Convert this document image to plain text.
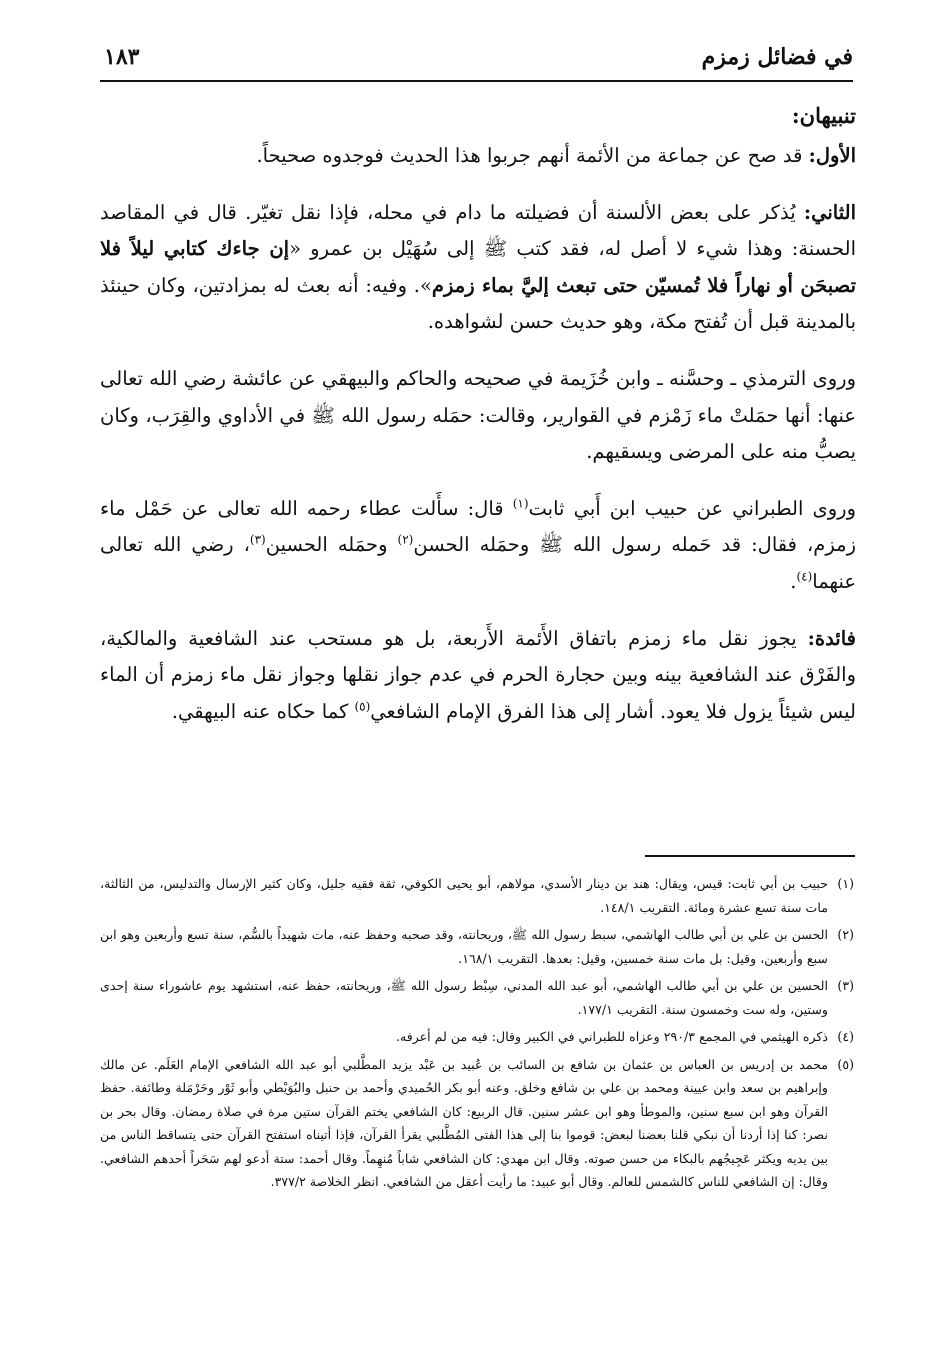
في فضائل زمزم
١٨٣
تنبيهان:

الأول: قد صح عن جماعة من الأئمة أنهم جربوا هذا الحديث فوجدوه صحيحاً.

الثاني: يُذكر على بعض الألسنة أن فضيلته ما دام في محله، فإذا نقل تغيّر. قال في المقاصد الحسنة: وهذا شيء لا أصل له، فقد كتب ﷺ إلى سُهَيْل بن عمرو «إن جاءك كتابي ليلاً فلا تصبحَن أو نهاراً فلا تُمسيّن حتى تبعث إليَّ بماء زمزم». وفيه: أنه بعث له بمزادتين، وكان حينئذ بالمدينة قبل أن تُفتح مكة، وهو حديث حسن لشواهده.

وروى الترمذي ـ وحسَّنه ـ وابن خُزَيمة في صحيحه والحاكم والبيهقي عن عائشة رضي الله تعالى عنها: أنها حمَلتْ ماء زَمْزم في القوارير، وقالت: حمَله رسول الله ﷺ في الأداوي والقِرَب، وكان يصبُّ منه على المرضى ويسقيهم.

وروى الطبراني عن حبيب ابن أَبي ثابت$^{(١)}$ قال: سأَلت عطاء رحمه الله تعالى عن حَمْل ماء زمزم، فقال: قد حَمله رسول الله ﷺ وحمَله الحسن$^{(٢)}$ وحمَله الحسين$^{(٣)}$، رضي الله تعالى عنهما$^{(٤)}$.

فائدة: يجوز نقل ماء زمزم باتفاق الأَئمة الأَربعة، بل هو مستحب عند الشافعية والمالكية، والفَرْق عند الشافعية بينه وبين حجارة الحرم في عدم جواز نقلها وجواز نقل ماء زمزم أن الماء ليس شيئاً يزول فلا يعود. أشار إلى هذا الفرق الإمام الشافعي$^{(٥)}$ كما حكاه عنه البيهقي.

(١)
حبيب بن أبي ثابت: قيس، ويقال: هند بن دينار الأسدي، مولاهم، أبو يحيى الكوفي، ثقة فقيه جليل، وكان كثير الإرسال والتدليس، من الثالثة، مات سنة تسع عشرة ومائة. التقريب ١٤٨/١.
(٢)
الحسن بن علي بن أبي طالب الهاشمي، سبط رسول الله ﷺ، وريحانته، وقد صحبه وحفظ عنه، مات شهيداً بالسُّم، سنة تسع وأربعين وهو ابن سبع وأربعين، وقيل: بل مات سنة خمسين، وقيل: بعدها. التقريب ١٦٨/١.
(٣)
الحسين بن علي بن أبي طالب الهاشمي، أبو عبد الله المدني، سِبْط رسول الله ﷺ، وريحانته، حفظ عنه، استشهد يوم عاشوراء سنة إحدى وستين، وله ست وخمسون سنة. التقريب ١٧٧/١.
(٤)
ذكره الهيثمي في المجمع ٢٩٠/٣ وعزاه للطبراني في الكبير وقال: فيه من لم أعرفه.
(٥)
محمد بن إدريس بن العباس بن عثمان بن شافع بن السائب بن عُبيد بن عَبْد يزيد المطَّلبي أبو عبد الله الشافعي الإمام العَلَم. عن مالك وإبراهيم بن سعد وابن عيينة ومحمد بن علي بن شافع وخلق. وعنه أبو بكر الحُميدي وأحمد بن حنبل والبُوَيْطي وأبو ثَوْر وحَرْمَلة وطائفة. حفظ القرآن وهو ابن سبع سنين، والموطأ وهو ابن عشر سنين. قال الربيع: كان الشافعي يختم القرآن ستين مرة في صلاة رمضان. وقال بحر بن نصر: كنا إذا أردنا أن نبكي قلنا بعضنا لبعض: قوموا بنا إلى هذا الفتى المُطَّلبي يقرأ القرآن، فإذا أتيناه استفتح القرآن حتى يتساقط الناس من بين يديه ويكثر عَجِيجُهم بالبكاء من حسن صوته. وقال ابن مهدي: كان الشافعي شاباً مُنهِماً. وقال أحمد: ستة أدعو لهم سَحَراً أحدهم الشافعي. وقال: إن الشافعي للناس كالشمس للعالم. وقال أبو عبيد: ما رأيت أعقل من الشافعي. انظر الخلاصة ٣٧٧/٢.
